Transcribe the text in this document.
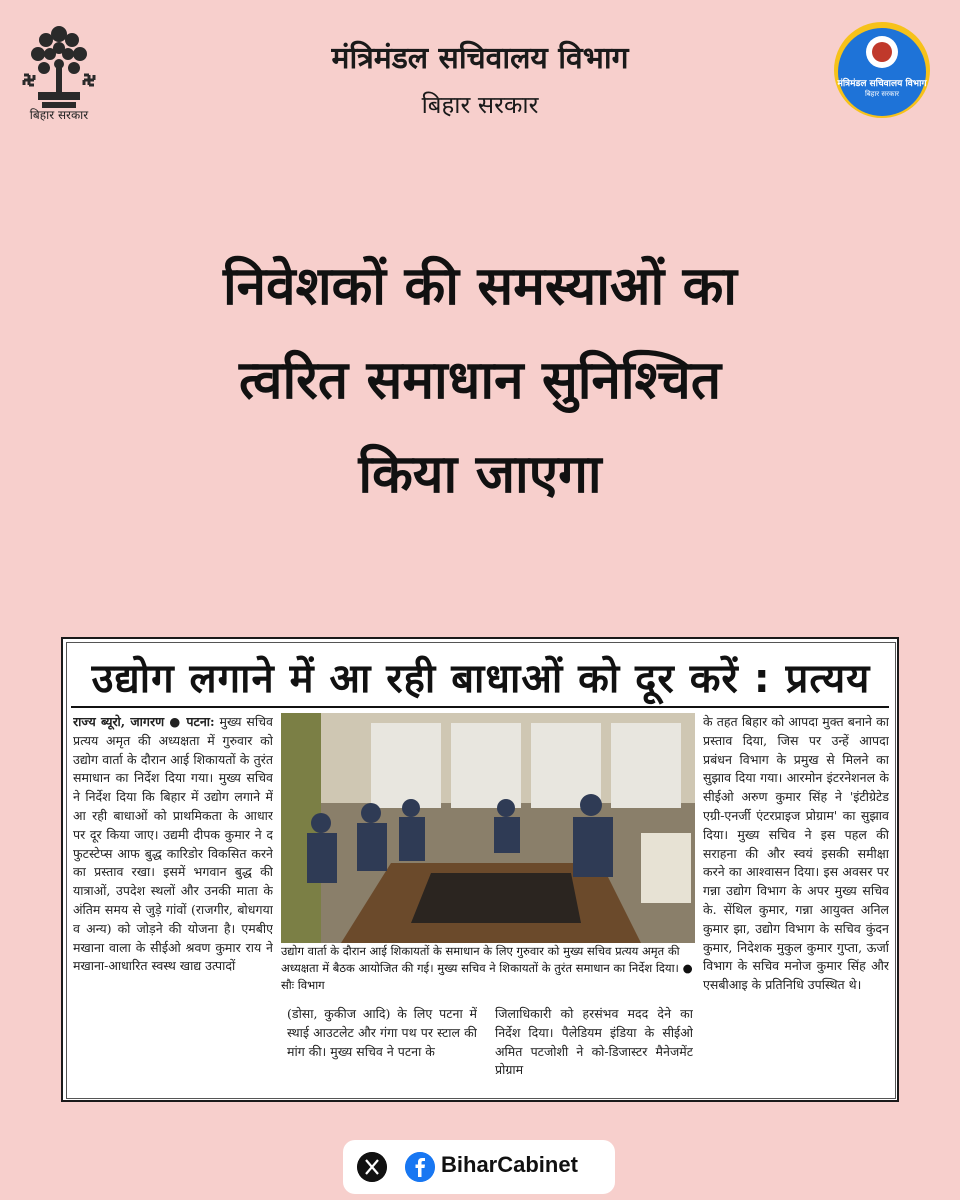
बिहार सरकार
मंत्रिमंडल सचिवालय विभाग
बिहार सरकार
मंत्रिमंडल सचिवालय विभाग
बिहार सरकार
निवेशकों की समस्याओं का
त्वरित समाधान सुनिश्चित
किया जाएगा
उद्योग लगाने में आ रही बाधाओं को दूर करें : प्रत्यय
राज्य ब्यूरो, जागरण ● पटना: मुख्य सचिव प्रत्यय अमृत की अध्यक्षता में गुरुवार को उद्योग वार्ता के दौरान आई शिकायतों के तुरंत समाधान का निर्देश दिया गया। मुख्य सचिव ने निर्देश दिया कि बिहार में उद्योग लगाने में आ रही बाधाओं को प्राथमिकता के आधार पर दूर किया जाए। उद्यमी दीपक कुमार ने द फुटस्टेप्स आफ बुद्ध कारिडोर विकसित करने का प्रस्ताव रखा। इसमें भगवान बुद्ध की यात्राओं, उपदेश स्थलों और उनकी माता के अंतिम समय से जुड़े गांवों (राजगीर, बोधगया व अन्य) को जोड़ने की योजना है। एमबीए मखाना वाला के सीईओ श्रवण कुमार राय ने मखाना-आधारित स्वस्थ खाद्य उत्पादों
उद्योग वार्ता के दौरान आई शिकायतों के समाधान के लिए गुरुवार को मुख्य सचिव प्रत्यय अमृत की अध्यक्षता में बैठक आयोजित की गई। मुख्य सचिव ने शिकायतों के तुरंत समाधान का निर्देश दिया। ● सौः विभाग
(डोसा, कुकीज आदि) के लिए पटना में स्थाई आउटलेट और गंगा पथ पर स्टाल की मांग की। मुख्य सचिव ने पटना के
जिलाधिकारी को हरसंभव मदद देने का निर्देश दिया। पैलेडियम इंडिया के सीईओ अमित पटजोशी ने को-डिजास्टर मैनेजमेंट प्रोग्राम
के तहत बिहार को आपदा मुक्त बनाने का प्रस्ताव दिया, जिस पर उन्हें आपदा प्रबंधन विभाग के प्रमुख से मिलने का सुझाव दिया गया। आरमोन इंटरनेशनल के सीईओ अरुण कुमार सिंह ने 'इंटीग्रेटेड एग्री-एनर्जी एंटरप्राइज प्रोग्राम' का सुझाव दिया। मुख्य सचिव ने इस पहल की सराहना की और स्वयं इसकी समीक्षा करने का आश्वासन दिया। इस अवसर पर गन्ना उद्योग विभाग के अपर मुख्य सचिव के. सेंथिल कुमार, गन्ना आयुक्त अनिल कुमार झा, उद्योग विभाग के सचिव कुंदन कुमार, निदेशक मुकुल कुमार गुप्ता, ऊर्जा विभाग के सचिव मनोज कुमार सिंह और एसबीआइ के प्रतिनिधि उपस्थित थे।
BiharCabinet
